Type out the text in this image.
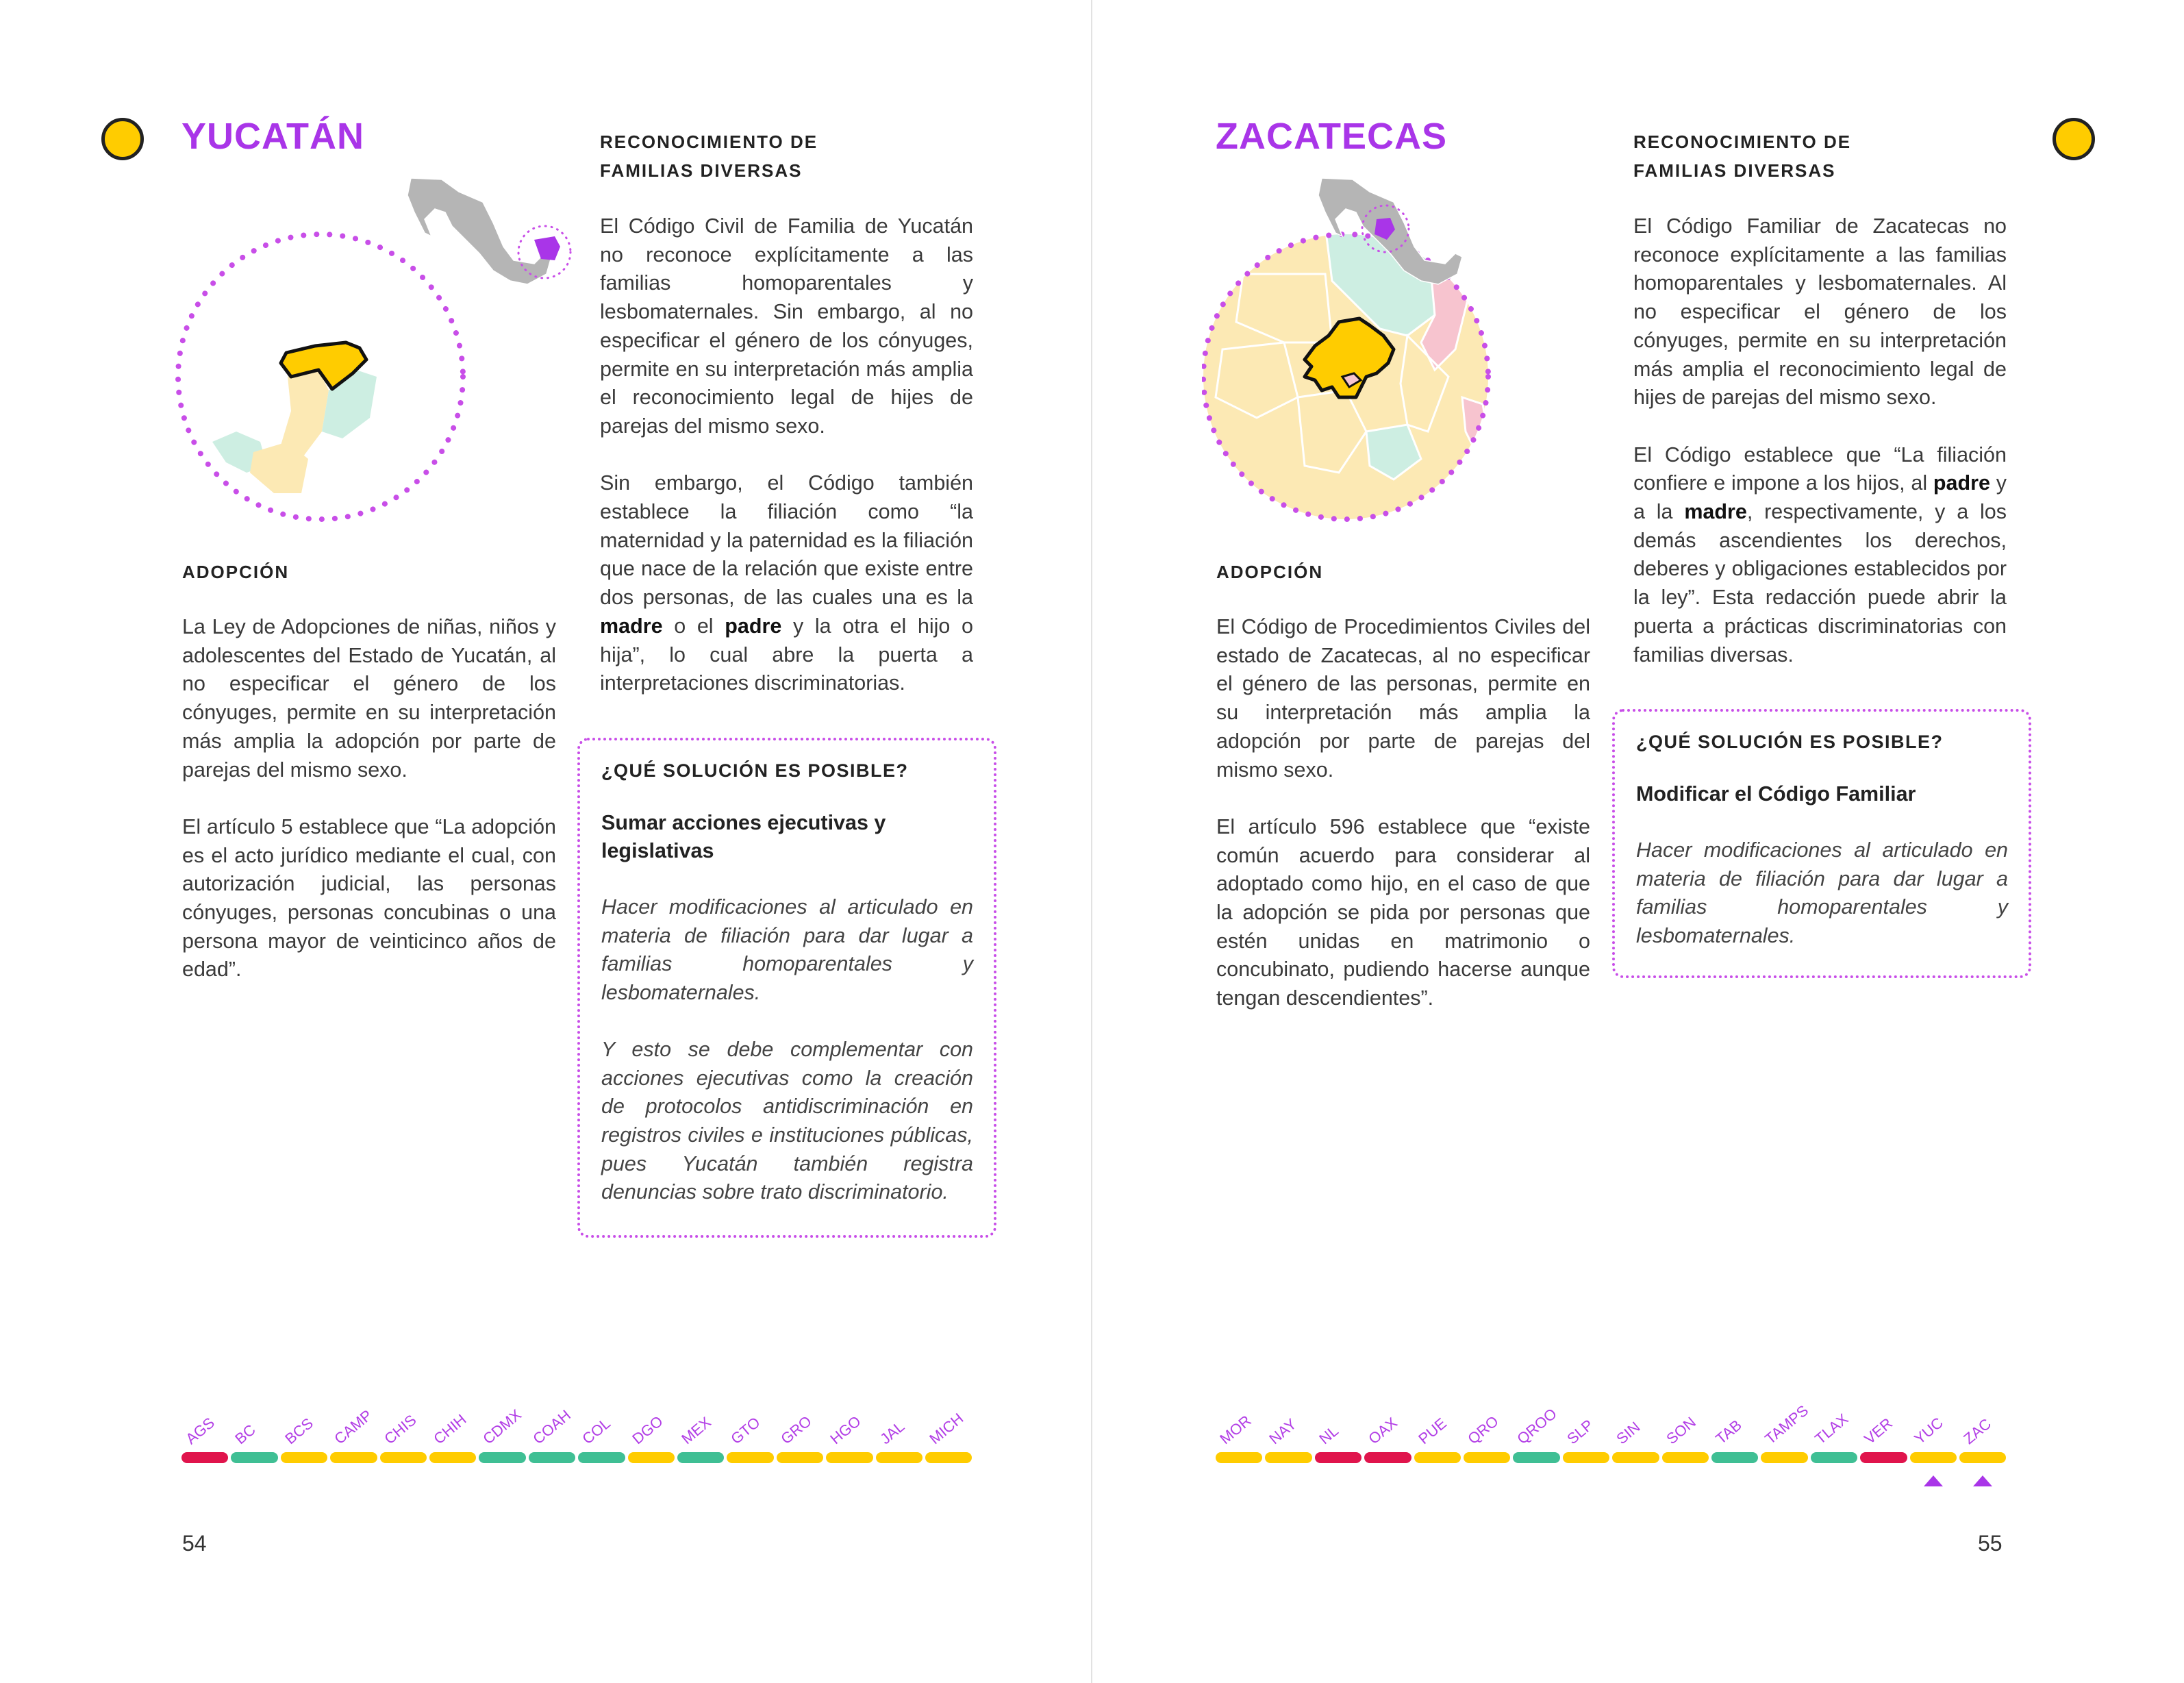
YUCATÁN	RECONOCIMIENTO DE
FAMILIAS DIVERSAS

El Código Civil de Familia de Yucatán no reconoce explícitamente a las familias homoparentales y lesbomaternales. Sin embargo, al no especificar el género de los cónyuges, permite en su interpretación más amplia el reconocimiento legal de hijes de parejas del mismo sexo.

Sin embargo, el Código también establece la filiación como “la maternidad y la paternidad es la filiación que nace de la relación que existe entre dos personas, de las cuales una es la madre o el padre y la otra el hijo o hija”, lo cual abre la puerta a interpretaciones discriminatorias.

ADOPCIÓN

La Ley de Adopciones de niñas, niños y adolescentes del Estado de Yucatán, al no especificar el género de los cónyuges, permite en su interpretación más amplia la adopción por parte de parejas del mismo sexo.

El artículo 5 establece que “La adopción es el acto jurídico mediante el cual, con autorización judicial, las personas cónyuges, personas concubinas o una persona mayor de veinticinco años de edad”.

¿QUÉ SOLUCIÓN ES POSIBLE?

Sumar acciones ejecutivas y legislativas

Hacer modificaciones al articulado en materia de filiación para dar lugar a familias homoparentales y lesbomaternales.

Y esto se debe complementar con acciones ejecutivas como la creación de protocolos antidiscriminación en registros civiles e instituciones públicas, pues Yucatán también registra denuncias sobre trato discriminatorio.

AGS BC BCS CAMP CHIS CHIH CDMX COAH COL DGO MEX GTO GRO HGO JAL MICH
54
ZACATECAS	RECONOCIMIENTO DE
FAMILIAS DIVERSAS

El Código Familiar de Zacatecas no reconoce explícitamente a las familias homoparentales y lesbomaternales. Al no especificar el género de los cónyuges, permite en su interpretación más amplia el reconocimiento legal de hijes de parejas del mismo sexo.

El Código establece que “La filiación confiere e impone a los hijos, al padre y a la madre, respectivamente, y a los demás ascendientes los derechos, deberes y obligaciones establecidos por la ley”. Esta redacción puede abrir la puerta a prácticas discriminatorias con familias diversas.

ADOPCIÓN

El Código de Procedimientos Civiles del estado de Zacatecas, al no especificar el género de las personas, permite en su interpretación más amplia la adopción por parte de parejas del mismo sexo.

El artículo 596 establece que “existe común acuerdo para considerar al adoptado como hijo, en el caso de que la adopción se pida por personas que estén unidas en matrimonio o concubinato, pudiendo hacerse aunque tengan descendientes”.

¿QUÉ SOLUCIÓN ES POSIBLE?

Modificar el Código Familiar

Hacer modificaciones al articulado en materia de filiación para dar lugar a familias homoparentales y lesbomaternales.

MOR NAY NL OAX PUE QRO QROO SLP SIN SON TAB TAMPS TLAX VER YUC ZAC
55
